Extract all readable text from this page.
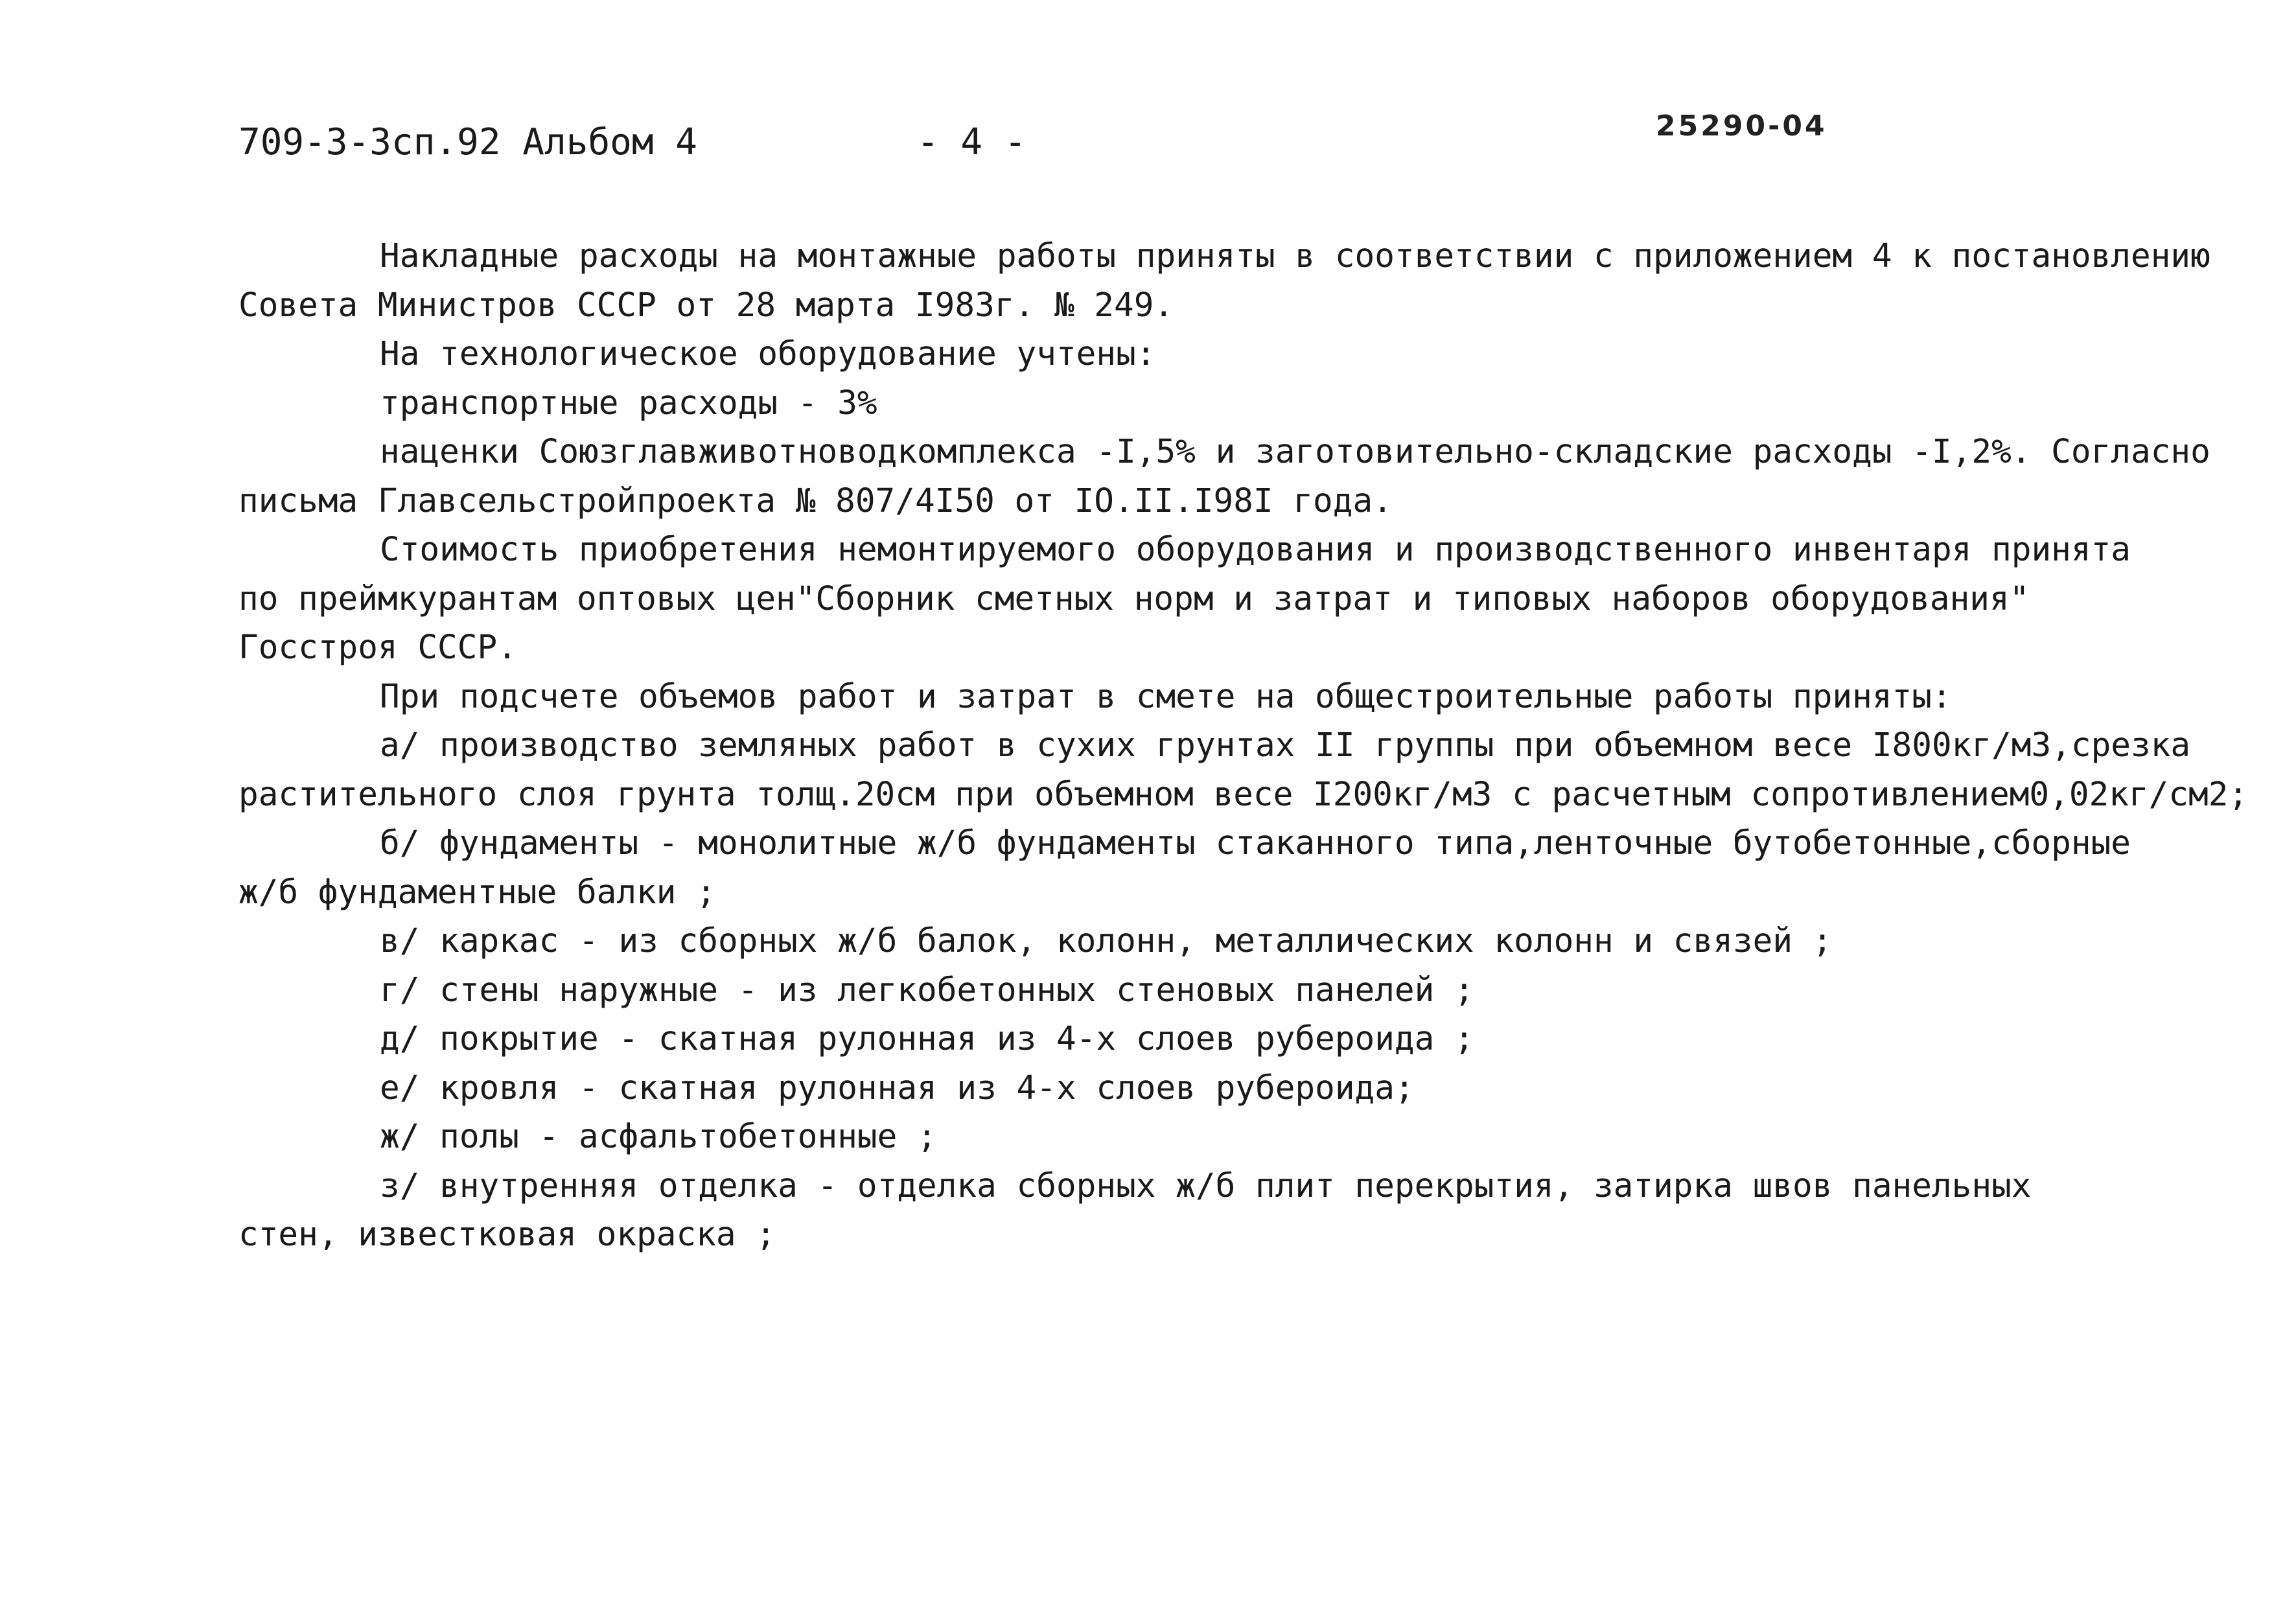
709-3-3сп.92 Альбом 4	- 4 -	25290-04
Накладные расходы на монтажные работы приняты в соответствии с приложением 4 к постановлению
Совета Министров СССР от 28 марта I983г. № 249.
На технологическое оборудование учтены:
транспортные расходы - 3%
наценки Союзглавживотноводкомплекса -I,5% и заготовительно-складские расходы -I,2%. Согласно
письма Главсельстройпроекта № 807/4I50 от IO.II.I98I года.
Стоимость приобретения немонтируемого оборудования и производственного инвентаря принята
по преймкурантам оптовых цен"Сборник сметных норм и затрат и типовых наборов оборудования"
Госстроя СССР.
При подсчете объемов работ и затрат в смете на общестроительные работы приняты:
а/ производство земляных работ в сухих грунтах II группы при объемном весе I800кг/м3,срезка
растительного слоя грунта толщ.20см при объемном весе I200кг/м3 с расчетным сопротивлением0,02кг/см2;
б/ фундаменты - монолитные ж/б фундаменты стаканного типа,ленточные бутобетонные,сборные
ж/б фундаментные балки ;
в/ каркас - из сборных ж/б балок, колонн, металлических колонн и связей ;
г/ стены наружные - из легкобетонных стеновых панелей ;
д/ покрытие - скатная рулонная из 4-х слоев рубероида ;
е/ кровля - скатная рулонная из 4-х слоев рубероида;
ж/ полы - асфальтобетонные ;
з/ внутренняя отделка - отделка сборных ж/б плит перекрытия, затирка швов панельных
стен, известковая окраска ;
